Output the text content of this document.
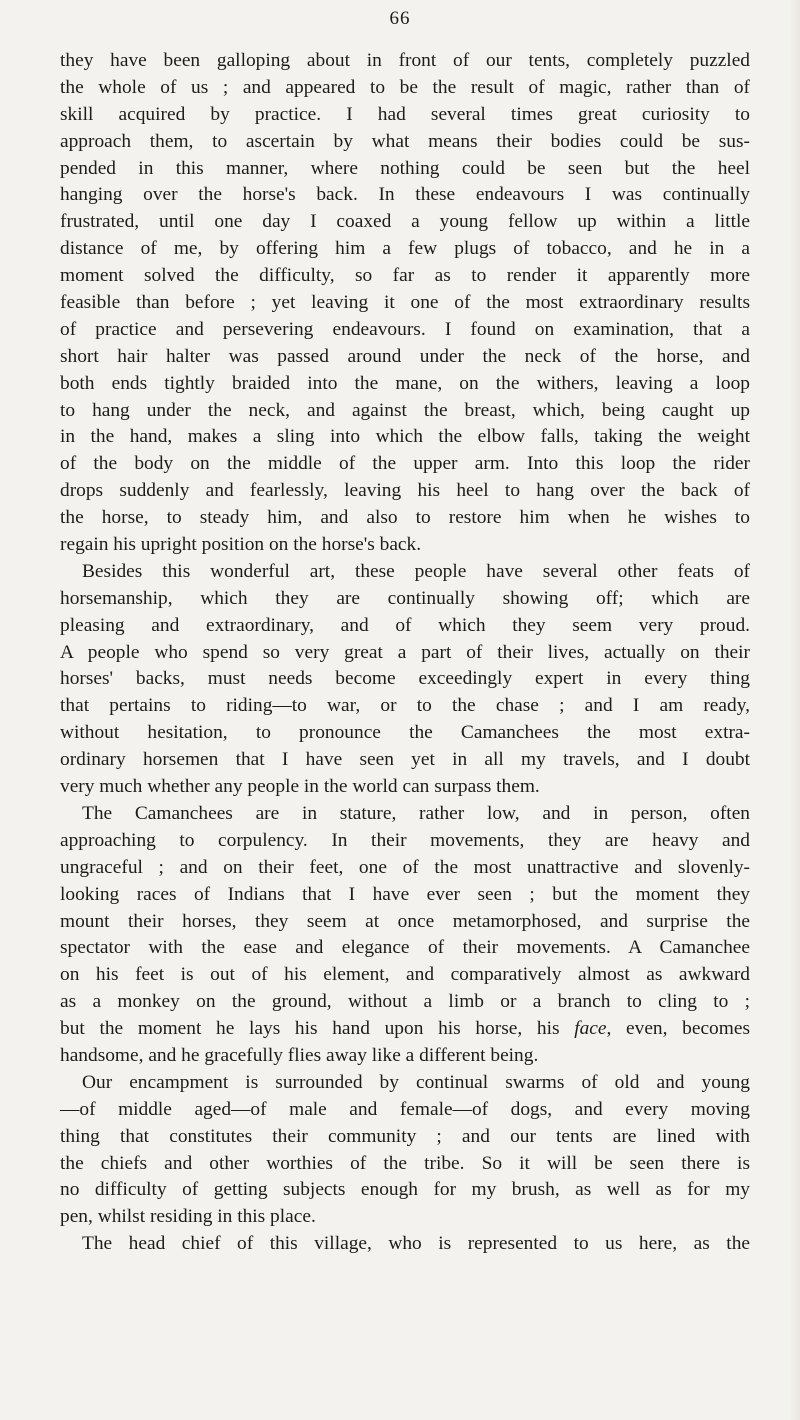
66
they have been galloping about in front of our tents, completely puzzled
the whole of us ; and appeared to be the result of magic, rather than of
skill acquired by practice. I had several times great curiosity to
approach them, to ascertain by what means their bodies could be sus-
pended in this manner, where nothing could be seen but the heel
hanging over the horse's back. In these endeavours I was continually
frustrated, until one day I coaxed a young fellow up within a little
distance of me, by offering him a few plugs of tobacco, and he in a
moment solved the difficulty, so far as to render it apparently more
feasible than before ; yet leaving it one of the most extraordinary results
of practice and persevering endeavours. I found on examination, that a
short hair halter was passed around under the neck of the horse, and
both ends tightly braided into the mane, on the withers, leaving a loop
to hang under the neck, and against the breast, which, being caught up
in the hand, makes a sling into which the elbow falls, taking the weight
of the body on the middle of the upper arm. Into this loop the rider
drops suddenly and fearlessly, leaving his heel to hang over the back of
the horse, to steady him, and also to restore him when he wishes to
regain his upright position on the horse's back.
Besides this wonderful art, these people have several other feats of
horsemanship, which they are continually showing off; which are
pleasing and extraordinary, and of which they seem very proud.
A people who spend so very great a part of their lives, actually on their
horses' backs, must needs become exceedingly expert in every thing
that pertains to riding—to war, or to the chase ; and I am ready,
without hesitation, to pronounce the Camanchees the most extra-
ordinary horsemen that I have seen yet in all my travels, and I doubt
very much whether any people in the world can surpass them.
The Camanchees are in stature, rather low, and in person, often
approaching to corpulency. In their movements, they are heavy and
ungraceful ; and on their feet, one of the most unattractive and slovenly-
looking races of Indians that I have ever seen ; but the moment they
mount their horses, they seem at once metamorphosed, and surprise the
spectator with the ease and elegance of their movements. A Camanchee
on his feet is out of his element, and comparatively almost as awkward
as a monkey on the ground, without a limb or a branch to cling to ;
but the moment he lays his hand upon his horse, his face, even, becomes
handsome, and he gracefully flies away like a different being.
Our encampment is surrounded by continual swarms of old and young
—of middle aged—of male and female—of dogs, and every moving
thing that constitutes their community ; and our tents are lined with
the chiefs and other worthies of the tribe. So it will be seen there is
no difficulty of getting subjects enough for my brush, as well as for my
pen, whilst residing in this place.
The head chief of this village, who is represented to us here, as the
